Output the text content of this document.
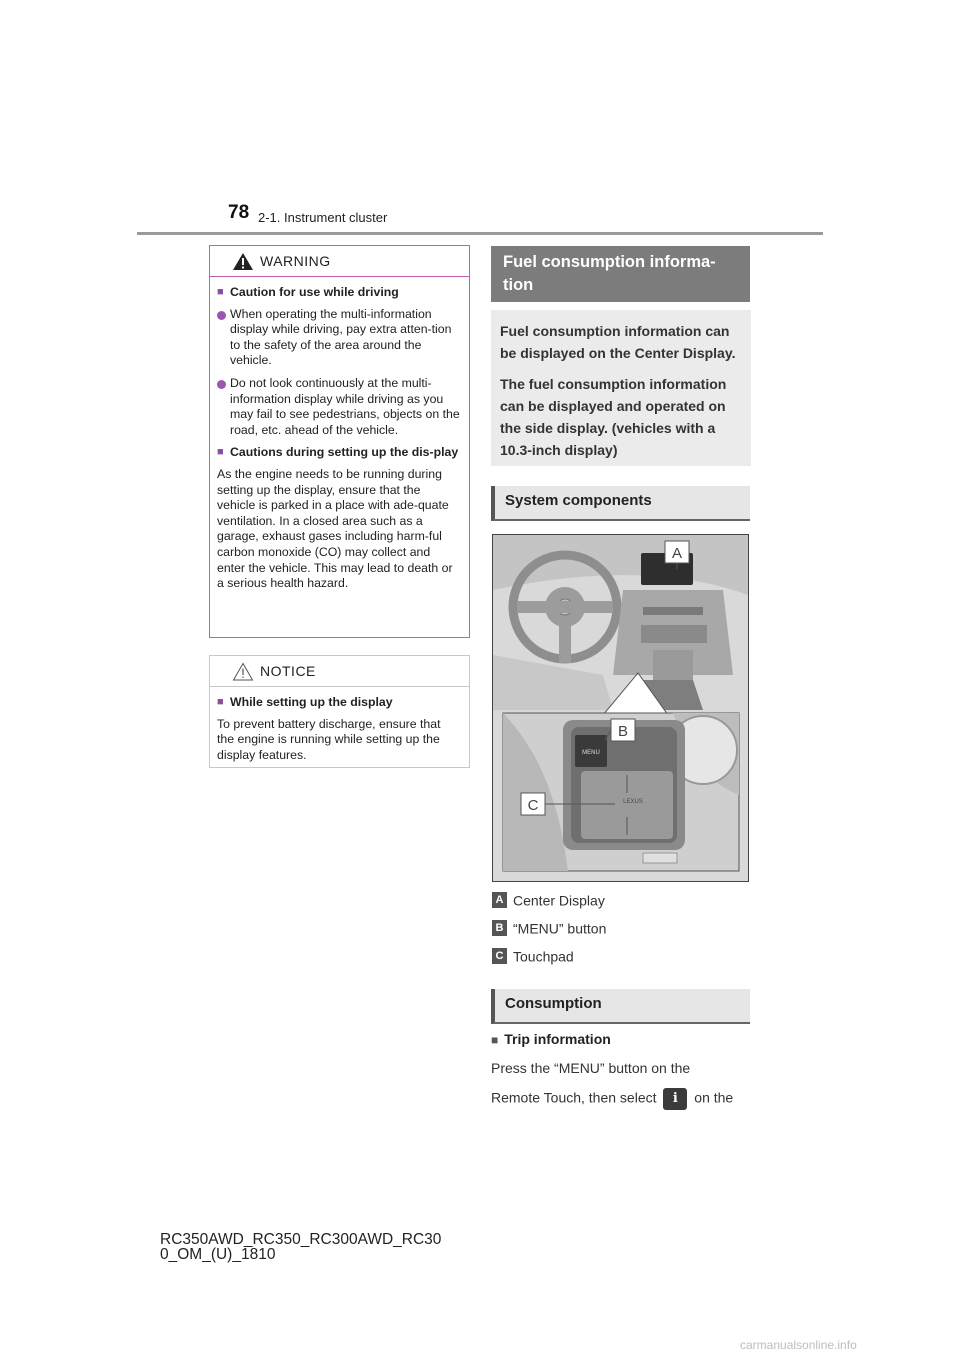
78 2-1. Instrument cluster
WARNING
■ Caution for use while driving
When operating the multi-information display while driving, pay extra atten-tion to the safety of the area around the vehicle.
Do not look continuously at the multi-information display while driving as you may fail to see pedestrians, objects on the road, etc. ahead of the vehicle.
■ Cautions during setting up the dis-play
As the engine needs to be running during setting up the display, ensure that the vehicle is parked in a place with ade-quate ventilation. In a closed area such as a garage, exhaust gases including harm-ful carbon monoxide (CO) may collect and enter the vehicle. This may lead to death or a serious health hazard.
NOTICE
■ While setting up the display
To prevent battery discharge, ensure that the engine is running while setting up the display features.
Fuel consumption informa-tion

Fuel consumption information can be displayed on the Center Display.

The fuel consumption information can be displayed and operated on the side display. (vehicles with a 10.3-inch display)

System components
MENU
LEXUS
A
B
C
A Center Display
B “MENU” button
C Touchpad
Consumption
■ Trip information
Press the “MENU” button on the
Remote Touch, then select i on the
RC350AWD_RC350_RC300AWD_RC30
0_OM_(U)_1810
carmanualsonline.info
